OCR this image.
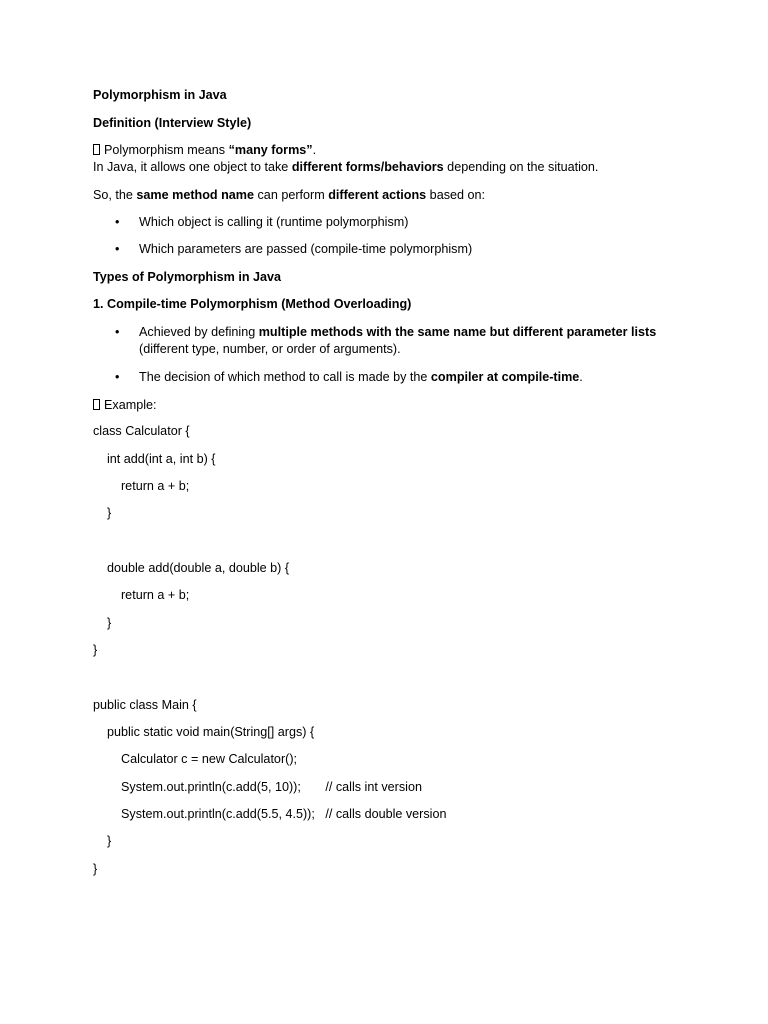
Polymorphism in Java
Definition (Interview Style)
Polymorphism means “many forms”.
In Java, it allows one object to take different forms/behaviors depending on the situation.
So, the same method name can perform different actions based on:
• Which object is calling it (runtime polymorphism)
• Which parameters are passed (compile-time polymorphism)
Types of Polymorphism in Java
1. Compile-time Polymorphism (Method Overloading)
• Achieved by defining multiple methods with the same name but different parameter lists
(different type, number, or order of arguments).
• The decision of which method to call is made by the compiler at compile-time.
Example:
class Calculator {
int add(int a, int b) {
return a + b;
}
double add(double a, double b) {
return a + b;
}
}
public class Main {
public static void main(String[] args) {
Calculator c = new Calculator();
System.out.println(c.add(5, 10));       // calls int version
System.out.println(c.add(5.5, 4.5));   // calls double version
}
}
